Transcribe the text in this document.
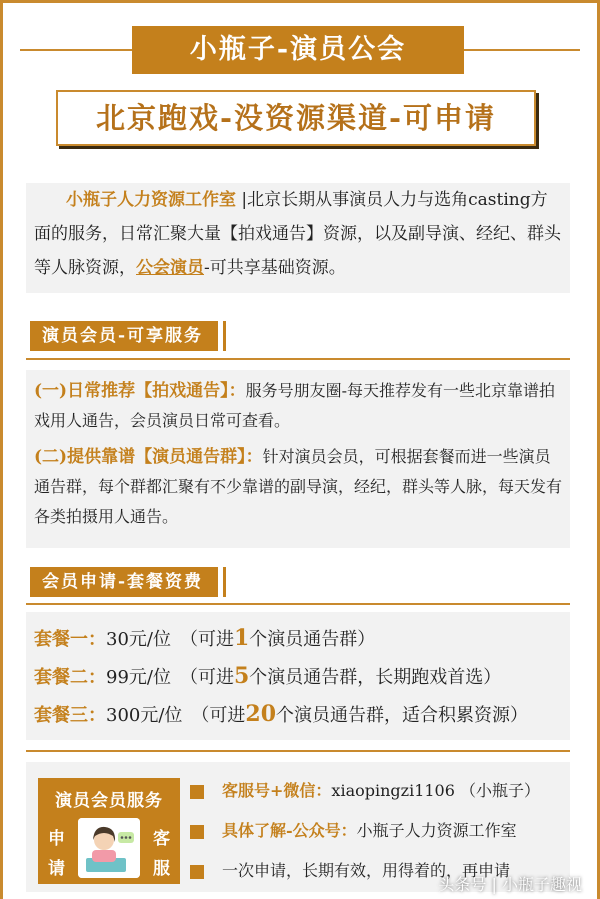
小瓶子-演员公会
北京跑戏-没资源渠道-可申请
小瓶子人力资源工作室 |北京长期从事演员人力与选角casting方面的服务，日常汇聚大量【拍戏通告】资源，以及副导演、经纪、群头等人脉资源，公会演员-可共享基础资源。
演员会员-可享服务

(一)日常推荐【拍戏通告】：服务号朋友圈-每天推荐发有一些北京靠谱拍戏用人通告，会员演员日常可查看。

(二)提供靠谱【演员通告群】：针对演员会员，可根据套餐而进一些演员通告群，每个群都汇聚有不少靠谱的副导演，经纪，群头等人脉，每天发有各类拍摄用人通告。

会员申请-套餐资费
套餐一：30元/位　 （可进1个演员通告群）
套餐二：99元/位　 （可进5个演员通告群，长期跑戏首选）
套餐三：300元/位　 （可进20个演员通告群，适合积累资源）
演员会员服务
申
请
客
服
客服号+微信：xiaopingzi1106 （小瓶子）
具体了解-公众号：小瓶子人力资源工作室
一次申请，长期有效，用得着的，再申请
头条号 | 小瓶子趣视
